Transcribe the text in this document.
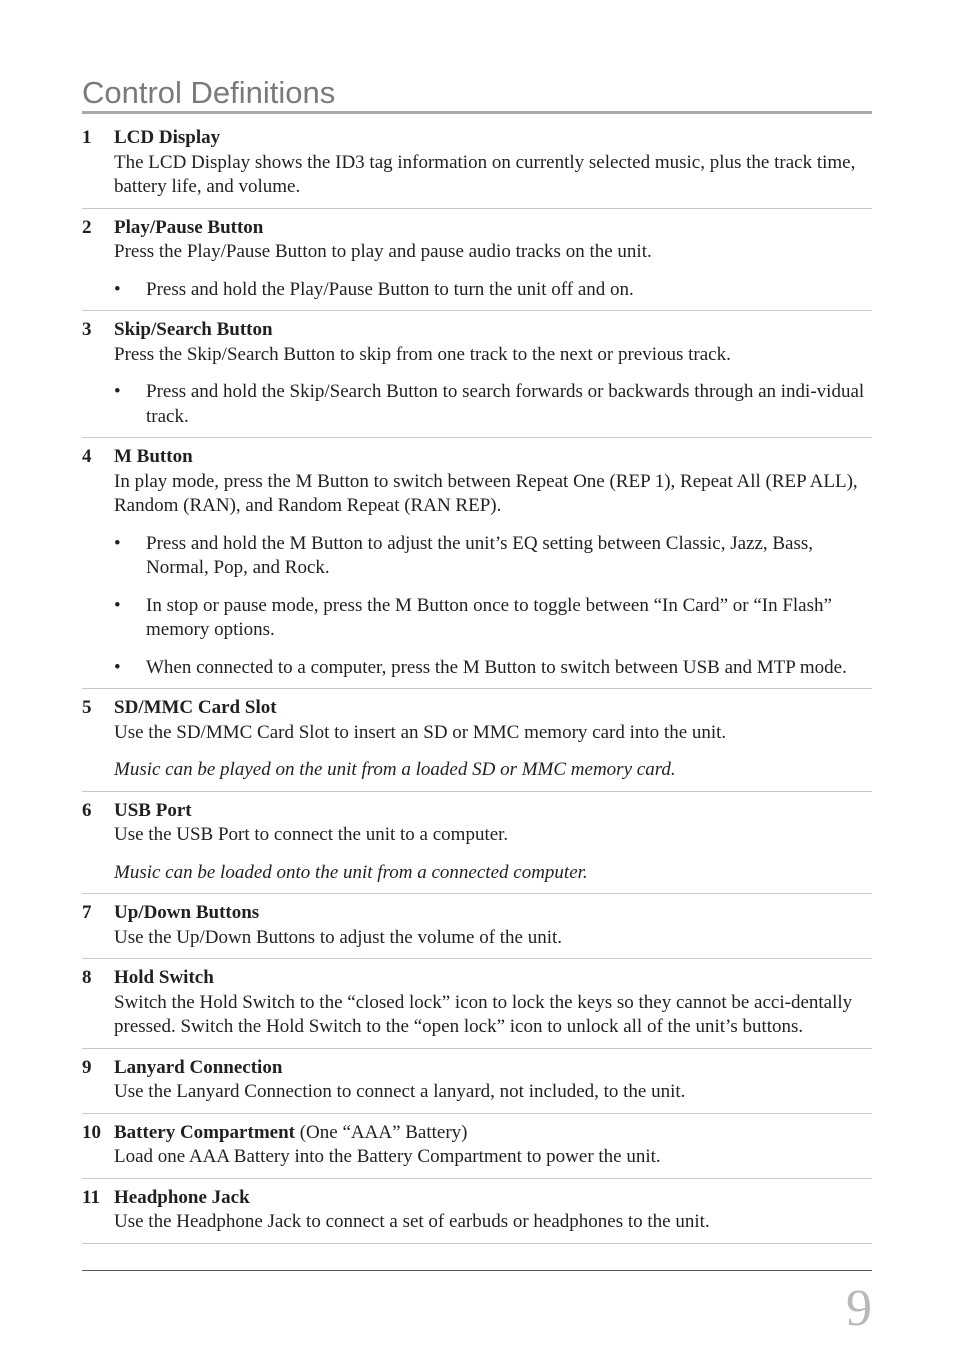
Control Definitions
1 LCD Display

The LCD Display shows the ID3 tag information on currently selected music, plus the track time, battery life, and volume.

2 Play/Pause Button

Press the Play/Pause Button to play and pause audio tracks on the unit.

• Press and hold the Play/Pause Button to turn the unit off and on.
3 Skip/Search Button

Press the Skip/Search Button to skip from one track to the next or previous track.

• Press and hold the Skip/Search Button to search forwards or backwards through an indi-vidual track.
4 M Button

In play mode, press the M Button to switch between Repeat One (REP 1), Repeat All (REP ALL), Random (RAN), and Random Repeat (RAN REP).

• Press and hold the M Button to adjust the unit’s EQ setting between Classic, Jazz, Bass, Normal, Pop, and Rock.
• In stop or pause mode, press the M Button once to toggle between “In Card” or “In Flash” memory options.
• When connected to a computer, press the M Button to switch between USB and MTP mode.
5 SD/MMC Card Slot

Use the SD/MMC Card Slot to insert an SD or MMC memory card into the unit.

Music can be played on the unit from a loaded SD or MMC memory card.
6 USB Port

Use the USB Port to connect the unit to a computer.

Music can be loaded onto the unit from a connected computer.
7 Up/Down Buttons

Use the Up/Down Buttons to adjust the volume of the unit.

8 Hold Switch

Switch the Hold Switch to the “closed lock” icon to lock the keys so they cannot be acci-dentally pressed. Switch the Hold Switch to the “open lock” icon to unlock all of the unit’s buttons.

9 Lanyard Connection

Use the Lanyard Connection to connect a lanyard, not included, to the unit.

10 Battery Compartment (One “AAA” Battery)

Load one AAA Battery into the Battery Compartment to power the unit.

11 Headphone Jack

Use the Headphone Jack to connect a set of earbuds or headphones to the unit.

9
